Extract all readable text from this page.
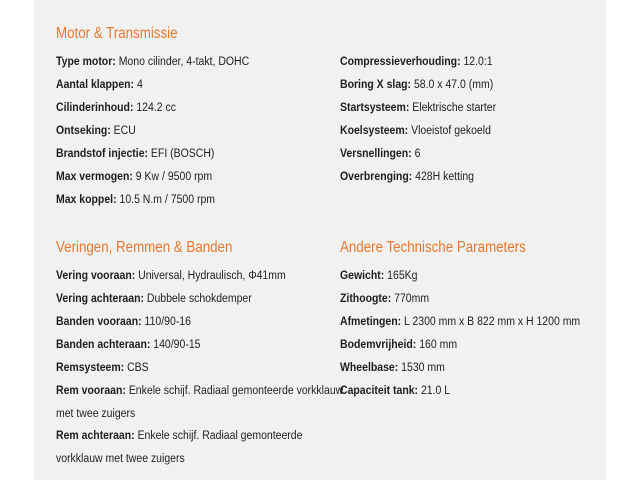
Motor & Transmissie
Type motor: Mono cilinder, 4-takt, DOHC
Aantal klappen: 4
Cilinderinhoud: 124.2 cc
Ontseking: ECU
Brandstof injectie: EFI (BOSCH)
Max vermogen: 9 Kw / 9500 rpm
Max koppel: 10.5 N.m / 7500 rpm
Compressieverhouding: 12.0:1
Boring X slag: 58.0 x 47.0 (mm)
Startsysteem: Elektrische starter
Koelsysteem: Vloeistof gekoeld
Versnellingen: 6
Overbrenging: 428H ketting
Veringen, Remmen & Banden
Vering vooraan: Universal, Hydraulisch, Φ41mm
Vering achteraan: Dubbele schokdemper
Banden vooraan: 110/90-16
Banden achteraan: 140/90-15
Remsysteem: CBS
Rem vooraan: Enkele schijf. Radiaal gemonteerde vorkklauw
met twee zuigers
Rem achteraan: Enkele schijf. Radiaal gemonteerde
vorkklauw met twee zuigers
Andere Technische Parameters
Gewicht: 165Kg
Zithoogte: 770mm
Afmetingen: L 2300 mm x B 822 mm x H 1200 mm
Bodemvrijheid: 160 mm
Wheelbase: 1530 mm
Capaciteit tank: 21.0 L
